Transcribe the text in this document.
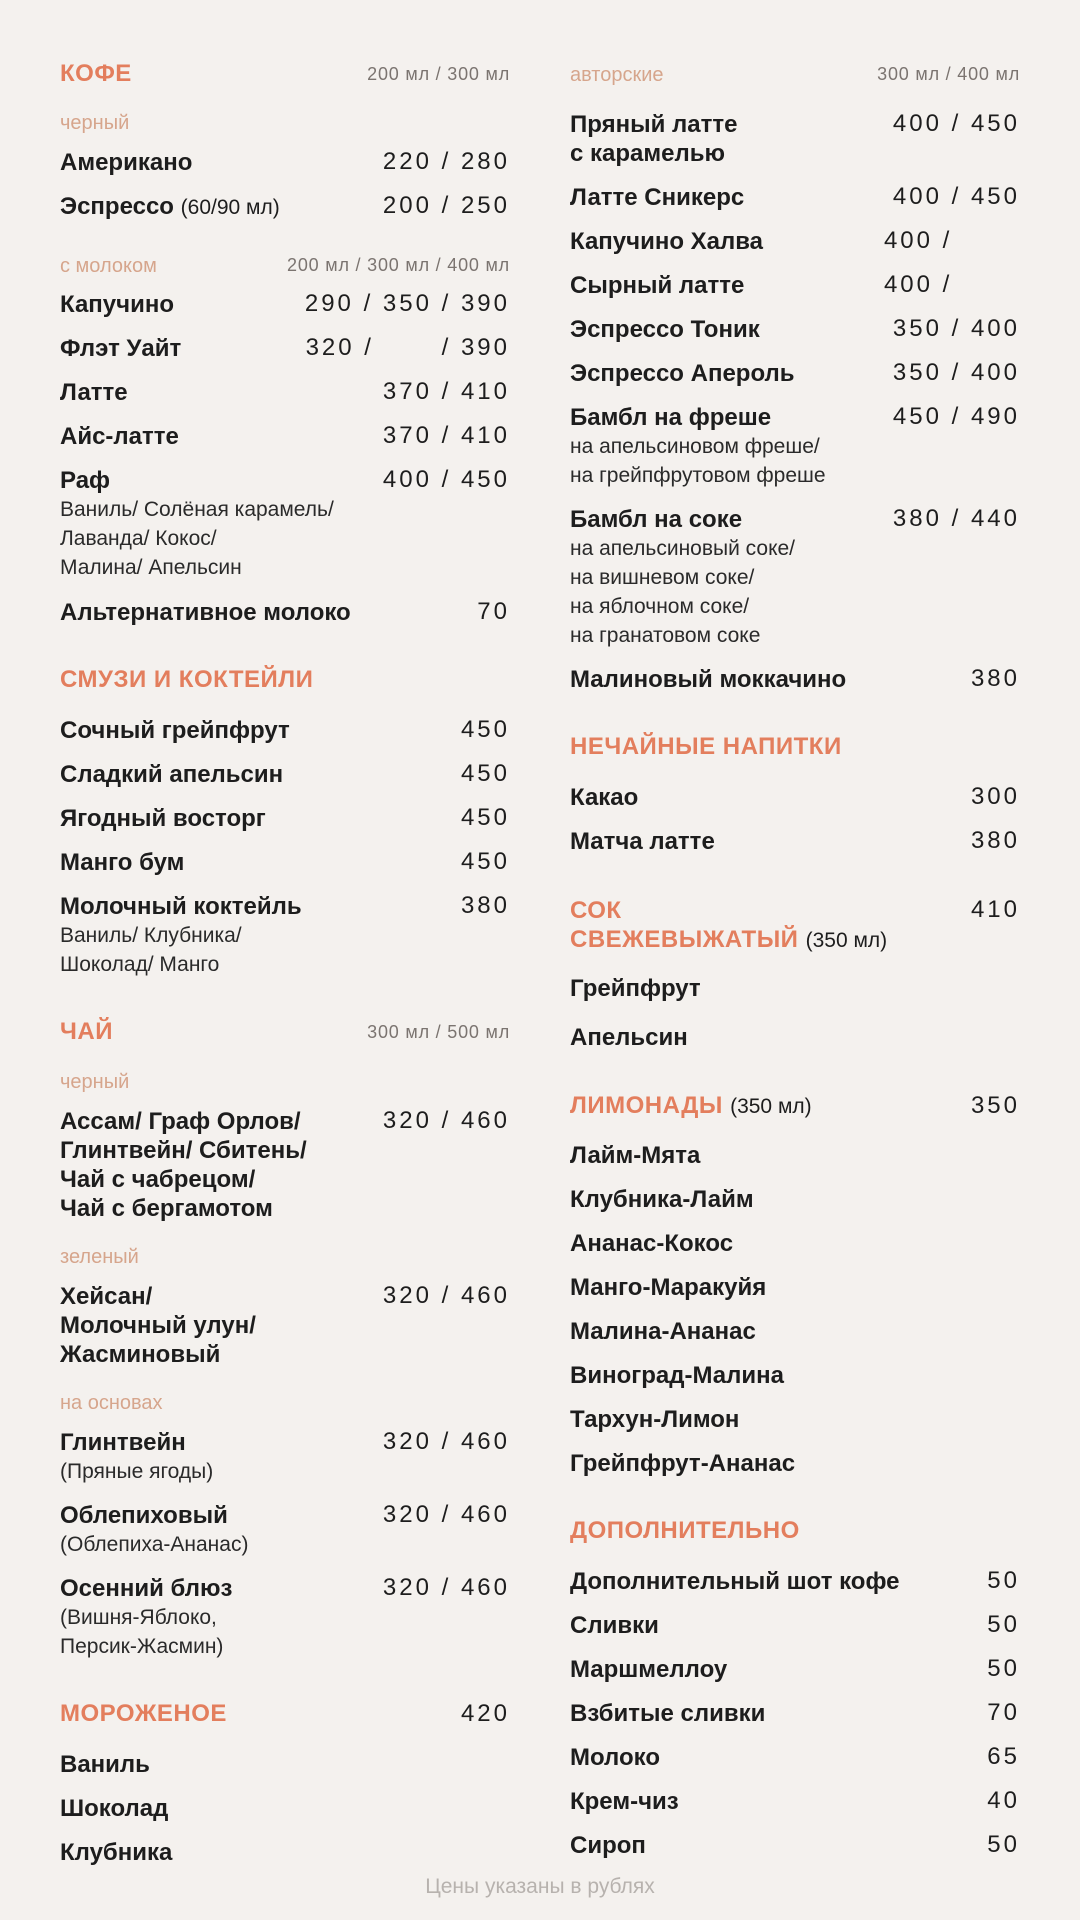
КОФЕ	200 мл / 300 мл
черный
Американо	220 / 280
Эспрессо (60/90 мл)	200 / 250
с молоком	200 мл / 300 мл / 400 мл
Капучино	290 / 350 / 390
Флэт Уайт	320 /       / 390
Латте	370 / 410
Айс-латте	370 / 410
Раф	400 / 450
Ваниль/ Солёная карамель/
Лаванда/ Кокос/
Малина/ Апельсин
Альтернативное молоко	70
СМУЗИ И КОКТЕЙЛИ
Сочный грейпфрут	450
Сладкий апельсин	450
Ягодный восторг	450
Манго бум	450
Молочный коктейль	380
Ваниль/ Клубника/
Шоколад/ Манго
ЧАЙ	300 мл / 500 мл
черный
Ассам/ Граф Орлов/
Глинтвейн/ Сбитень/
Чай с чабрецом/
Чай с бергамотом
320 / 460
зеленый
Хейсан/
Молочный улун/
Жасминовый
320 / 460
на основах
Глинтвейн	320 / 460
(Пряные ягоды)
Облепиховый	320 / 460
(Облепиха-Ананас)
Осенний блюз	320 / 460
(Вишня-Яблоко,
Персик-Жасмин)
МОРОЖЕНОЕ	420
Ваниль
Шоколад
Клубника
авторские	300 мл / 400 мл
Пряный латте
с карамелью
400 / 450
Латте Сникерс	400 / 450
Капучино Халва	400 /
Сырный латте	400 /
Эспрессо Тоник	350 / 400
Эспрессо Апероль	350 / 400
Бамбл на фреше	450 / 490
на апельсиновом фреше/
на грейпфрутовом фреше
Бамбл на соке	380 / 440
на апельсиновый соке/
на вишневом соке/
на яблочном соке/
на гранатовом соке
Малиновый моккачино	380
НЕЧАЙНЫЕ НАПИТКИ
Какао	300
Матча латте	380
СОК
СВЕЖЕВЫЖАТЫЙ (350 мл)
410
Грейпфрут
Апельсин
ЛИМОНАДЫ (350 мл)	350
Лайм-Мята
Клубника-Лайм
Ананас-Кокос
Манго-Маракуйя
Малина-Ананас
Виноград-Малина
Тархун-Лимон
Грейпфрут-Ананас
ДОПОЛНИТЕЛЬНО
Дополнительный шот кофе	50
Сливки	50
Маршмеллоу	50
Взбитые сливки	70
Молоко	65
Крем-чиз	40
Сироп	50
Цены указаны в рублях
